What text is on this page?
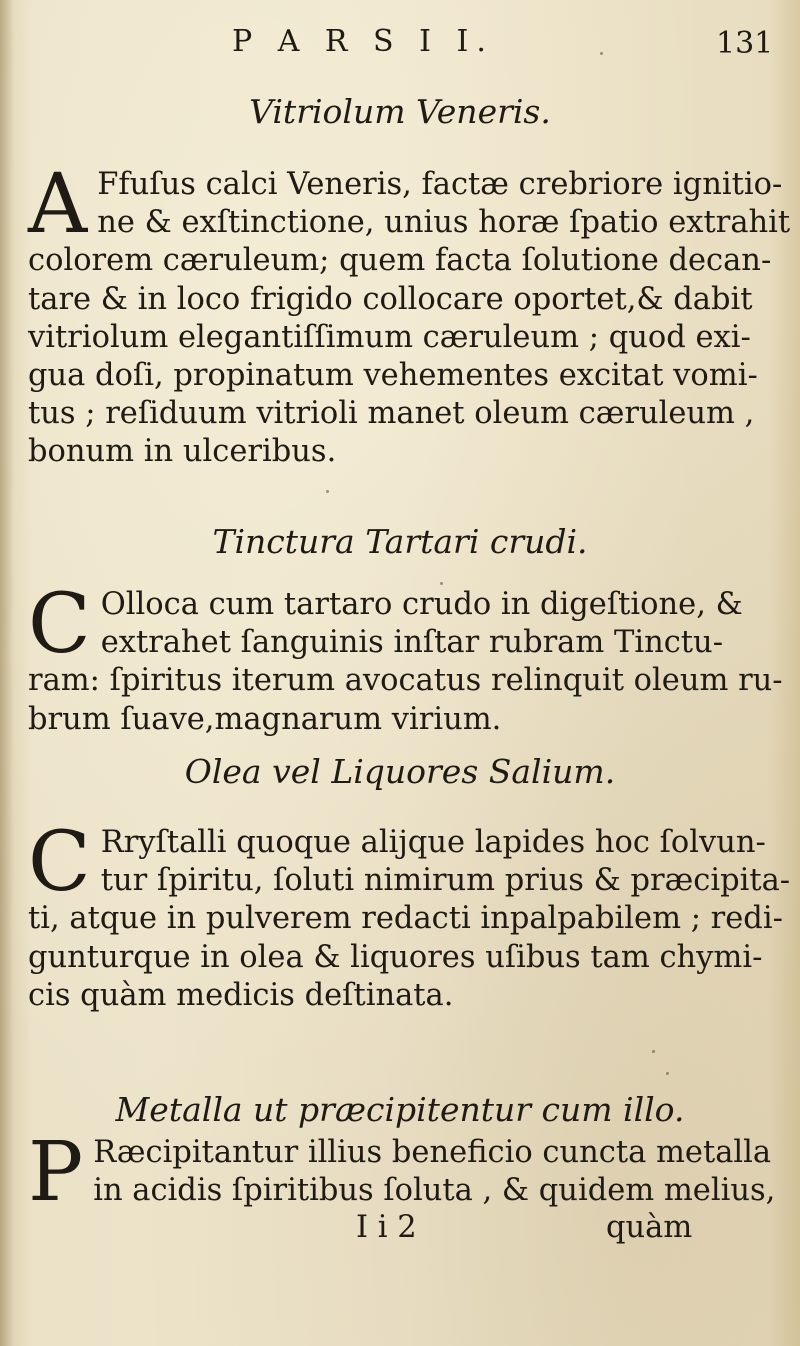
P A R S I I.	131
Vitriolum Veneris.
A Ffuſus calci Veneris, factæ crebriore ignitio-
ne & exſtinctione, unius horæ ſpatio extrahit
colorem cæruleum; quem facta ſolutione decan-
tare & in loco frigido collocare oportet,& dabit
vitriolum elegantiſſimum cæruleum ; quod exi-
gua doſi, propinatum vehementes excitat vomi-
tus ; reſiduum vitrioli manet oleum cæruleum ,
bonum in ulceribus.
Tinctura Tartari crudi.
C Olloca cum tartaro crudo in digeſtione, &
extrahet ſanguinis inſtar rubram Tinctu-
ram: ſpiritus iterum avocatus relinquit oleum ru-
brum ſuave,magnarum virium.
Olea vel Liquores Salium.
C Rryſtalli quoque alijque lapides hoc ſolvun-
tur ſpiritu, ſoluti nimirum prius & præcipita-
ti, atque in pulverem redacti inpalpabilem ; redi-
gunturque in olea & liquores uſibus tam chymi-
cis quàm medicis deſtinata.
Metalla ut præcipitentur cum illo.
P Ræcipitantur illius beneficio cuncta metalla
in acidis ſpiritibus ſoluta , & quidem melius,
I i 2	quàm
